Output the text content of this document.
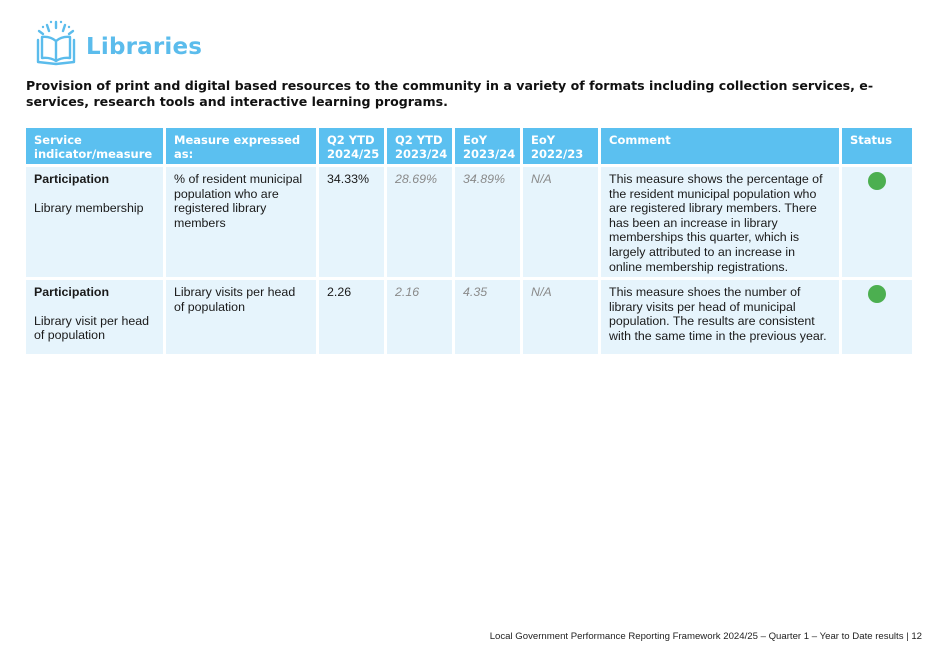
Libraries
Provision of print and digital based resources to the community in a variety of formats including collection services, e-services, research tools and interactive learning programs.
Service indicator/measure	Measure expressed as:	Q2 YTD 2024/25	Q2 YTD 2023/24	EoY 2023/24	EoY 2022/23	Comment	Status

Participation
Library membership	% of resident municipal population who are registered library members	34.33%	28.69%	34.89%	N/A	This measure shows the percentage of the resident municipal population who are registered library members. There has been an increase in library memberships this quarter, which is largely attributed to an increase in online membership registrations.	

Participation
Library visit per head of population	Library visits per head of population	2.26	2.16	4.35	N/A	This measure shoes the number of library visits per head of municipal population. The results are consistent with the same time in the previous year.	
Local Government Performance Reporting Framework 2024/25 – Quarter 1 – Year to Date results | 12
